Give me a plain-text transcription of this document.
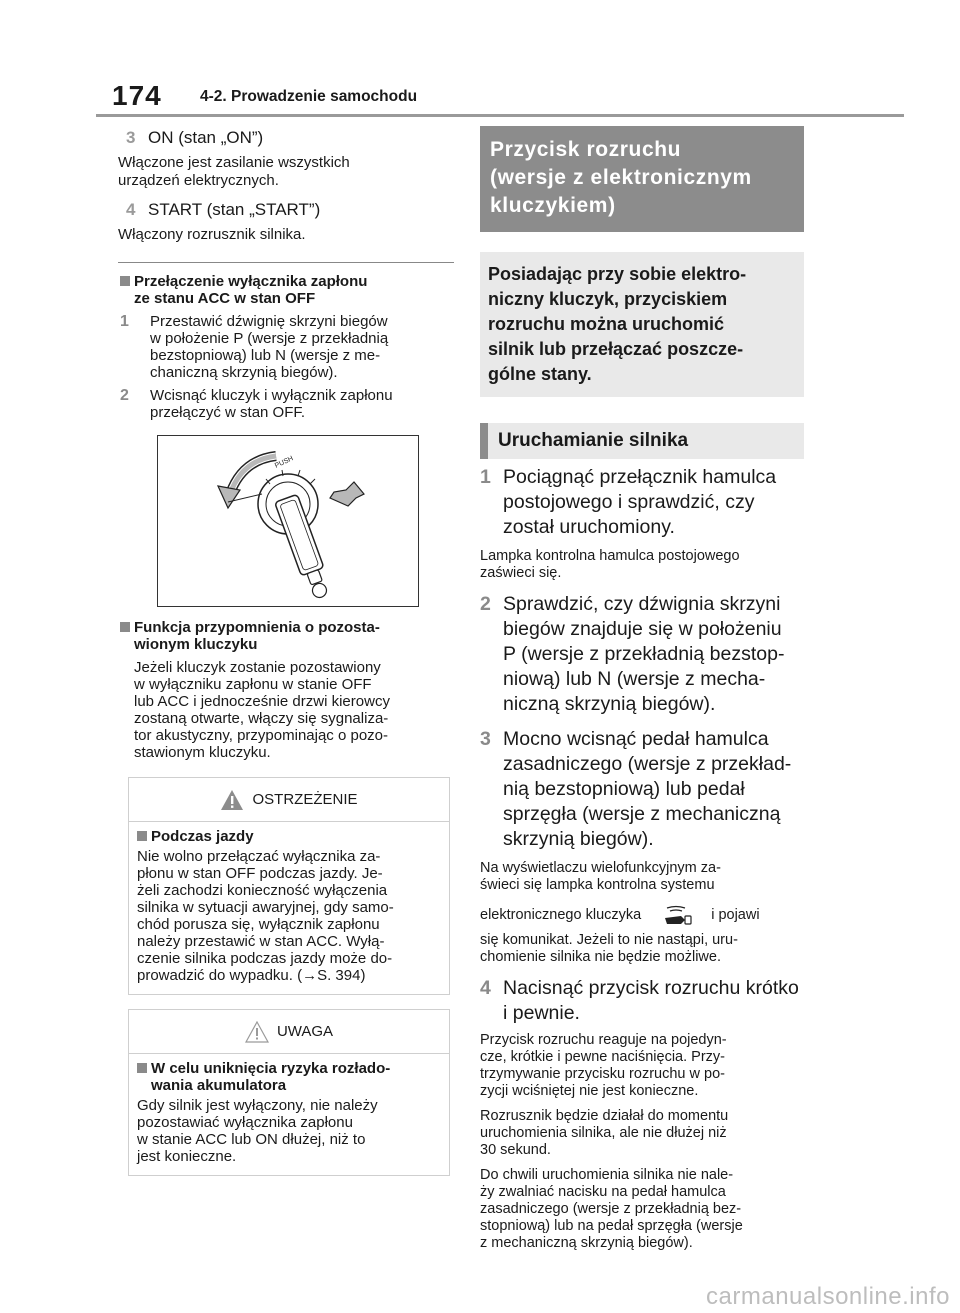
174 4-2. Prowadzenie samochodu
3 ON (stan „ON”)
Włączone jest zasilanie wszystkich
urządzeń elektrycznych.
4 START (stan „START”)
Włączony rozrusznik silnika.
Przełączenie wyłącznika zapłonu
ze stanu ACC w stan OFF
1	Przestawić dźwignię skrzyni biegów
w położenie P (wersje z przekładnią
bezstopniową) lub N (wersje z me-
chaniczną skrzynią biegów).
2	Wcisnąć kluczyk i wyłącznik zapłonu
przełączyć w stan OFF.
PUSH
Funkcja przypomnienia o pozosta-
wionym kluczyku
Jeżeli kluczyk zostanie pozostawiony
w wyłączniku zapłonu w stanie OFF
lub ACC i jednocześnie drzwi kierowcy
zostaną otwarte, włączy się sygnaliza-
tor akustyczny, przypominając o pozo-
stawionym kluczyku.
OSTRZEŻENIE
Podczas jazdy
Nie wolno przełączać wyłącznika za-
płonu w stan OFF podczas jazdy. Je-
żeli zachodzi konieczność wyłączenia
silnika w sytuacji awaryjnej, gdy samo-
chód porusza się, wyłącznik zapłonu
należy przestawić w stan ACC. Wyłą-
czenie silnika podczas jazdy może do-
prowadzić do wypadku. (→S. 394)
UWAGA
W celu uniknięcia ryzyka rozłado-
wania akumulatora
Gdy silnik jest wyłączony, nie należy
pozostawiać wyłącznika zapłonu
w stanie ACC lub ON dłużej, niż to
jest konieczne.
Przycisk rozruchu
(wersje z elektronicznym
kluczykiem)
Posiadając przy sobie elektro-
niczny kluczyk, przyciskiem
rozruchu można uruchomić
silnik lub przełączać poszcze-
gólne stany.
Uruchamianie silnika
1 Pociągnąć przełącznik hamulca
postojowego i sprawdzić, czy
został uruchomiony.
Lampka kontrolna hamulca postojowego
zaświeci się.
2 Sprawdzić, czy dźwignia skrzyni
biegów znajduje się w położeniu
P (wersje z przekładnią bezstop-
niową) lub N (wersje z mecha-
niczną skrzynią biegów).
3 Mocno wcisnąć pedał hamulca
zasadniczego (wersje z przekład-
nią bezstopniową) lub pedał
sprzęgła (wersje z mechaniczną
skrzynią biegów).
Na wyświetlaczu wielofunkcyjnym za-
świeci się lampka kontrolna systemu
elektronicznego kluczyka	i pojawi
się komunikat. Jeżeli to nie nastąpi, uru-
chomienie silnika nie będzie możliwe.
4 Nacisnąć przycisk rozruchu krótko
i pewnie.
Przycisk rozruchu reaguje na pojedyn-
cze, krótkie i pewne naciśnięcia. Przy-
trzymywanie przycisku rozruchu w po-
zycji wciśniętej nie jest konieczne.
Rozrusznik będzie działał do momentu
uruchomienia silnika, ale nie dłużej niż
30 sekund.
Do chwili uruchomienia silnika nie nale-
ży zwalniać nacisku na pedał hamulca
zasadniczego (wersje z przekładnią bez-
stopniową) lub na pedał sprzęgła (wersje
z mechaniczną skrzynią biegów).
carmanualsonline.info
